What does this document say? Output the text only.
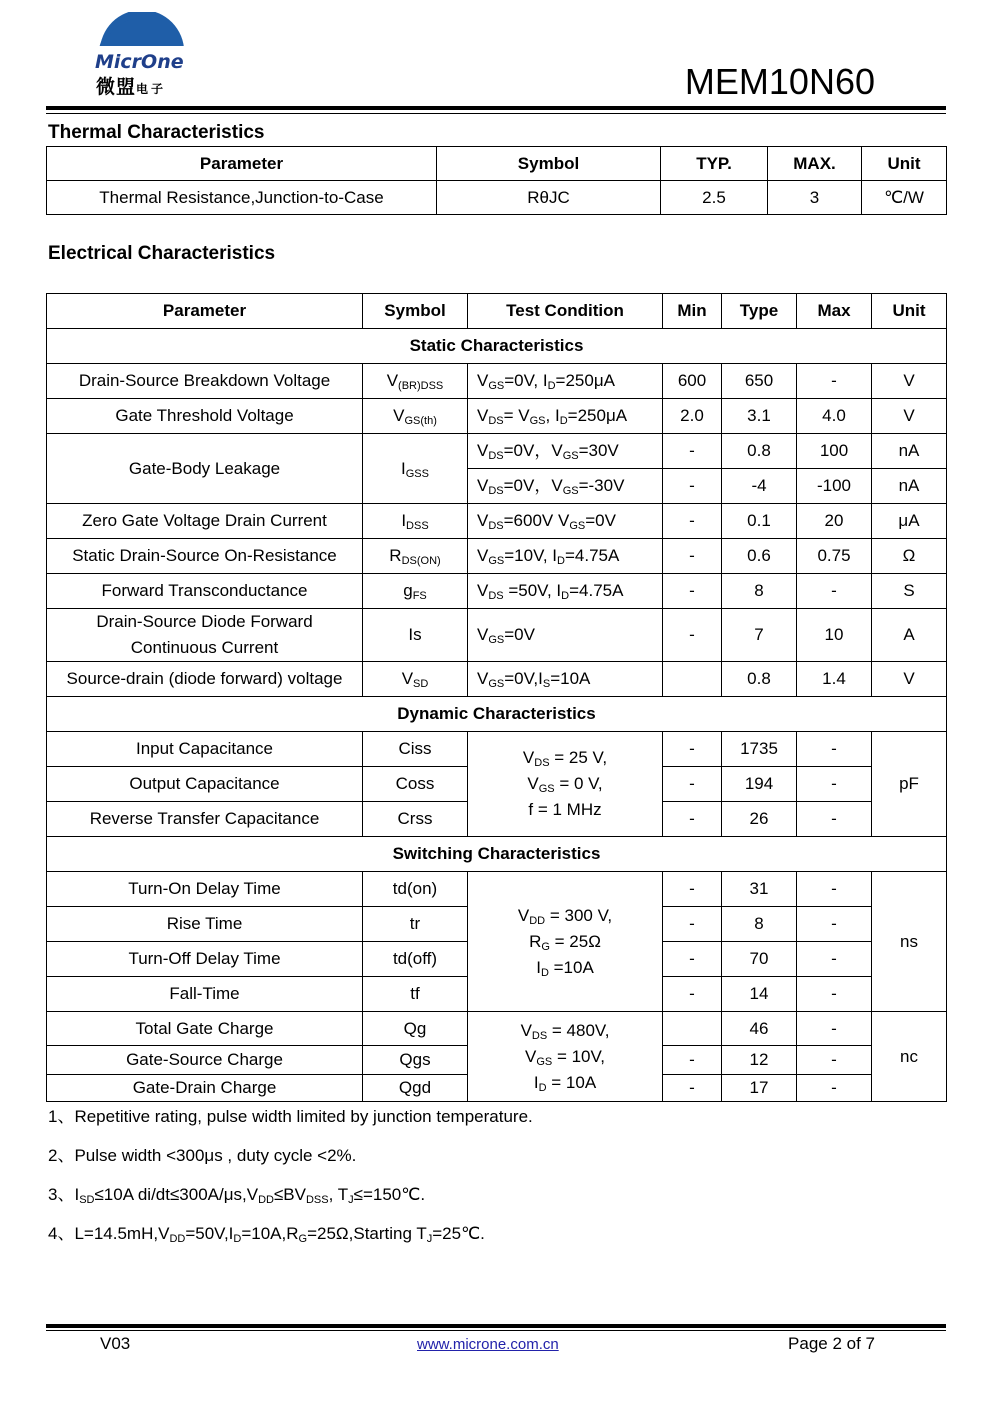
MicrOne
微盟电子	MEM10N60
Thermal Characteristics
Parameter	Symbol	TYP.	MAX.	Unit
Thermal Resistance,Junction-to-Case	RθJC	2.5	3	℃/W
Electrical Characteristics
Parameter	Symbol	Test Condition	Min	Type	Max	Unit
Static Characteristics						
Drain-Source Breakdown Voltage	$V_{(BR)DSS}$	$V_{GS}=0V$, $I_D=250\mu A$	600	650	-	V
Gate Threshold Voltage	$V_{GS(th)}$	$V_{DS}= V_{GS}$, $I_D=250\mu A$	2.0	3.1	4.0	V
Gate-Body Leakage	$I_{GSS}$	$V_{DS}=0V$，$V_{GS}=30V$	-	0.8	100	nA
		$V_{DS}=0V$，$V_{GS}=-30V$	-	-4	-100	nA
Zero Gate Voltage Drain Current	$I_{DSS}$	$V_{DS}=600V$ $V_{GS}=0V$	-	0.1	20	μA
Static Drain-Source On-Resistance	$R_{DS(ON)}$	$V_{GS}=10V$, $I_D=4.75A$	-	0.6	0.75	Ω
Forward Transconductance	$g_{FS}$	$V_{DS} =50V$, $I_D=4.75A$	-	8	-	S
Drain-Source Diode Forward
Continuous Current	Is	$V_{GS}=0V$	-	7	10	A
Source-drain (diode forward) voltage	$V_{SD}$	$V_{GS}=0V,I_S=10A$		0.8	1.4	V
Dynamic Characteristics						
Input Capacitance	Ciss	$V_{DS} = 25$ V,
$V_{GS} = 0$ V,
f = 1 MHz	-	1735	-	pF
Output Capacitance	Coss		-	194	-	
Reverse Transfer Capacitance	Crss		-	26	-	
Switching Characteristics						
Turn-On Delay Time	td(on)	$V_{DD} = 300$ V,
$R_G = 25\Omega$
$I_D =10A$	-	31	-	ns
Rise Time	tr		-	8	-	
Turn-Off Delay Time	td(off)		-	70	-	
Fall-Time	tf		-	14	-	
Total Gate Charge	Qg	$V_{DS} = 480V$,
$V_{GS} = 10V$,
$I_D = 10A$		46	-	nc
Gate-Source Charge	Qgs		-	12	-	
Gate-Drain Charge	Qgd		-	17	-	
1、Repetitive rating, pulse width limited by junction temperature.
2、Pulse width <300μs , duty cycle <2%.
3、$I_{SD}\le 10A$ $di/dt\le 300A/\mu s,V_{DD}\le BV_{DSS}$, $T_J\le=150℃$.
4、$L=14.5mH,V_{DD}=50V,I_D=10A,R_G=25\Omega,Starting$ $T_J=25℃$.
V03	www.microne.com.cn	Page 2 of 7
